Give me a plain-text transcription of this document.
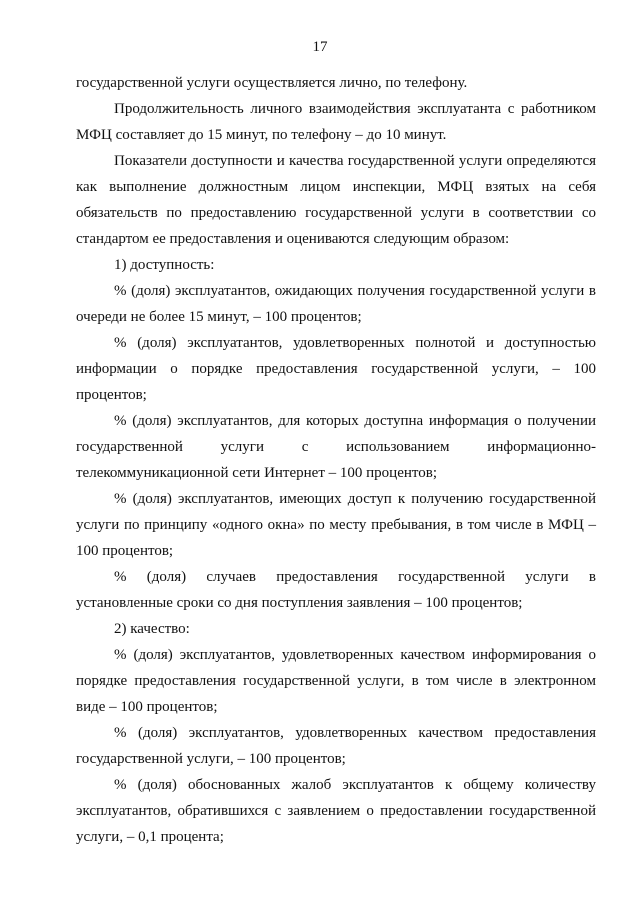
17

государственной услуги осуществляется лично, по телефону.

Продолжительность личного взаимодействия эксплуатанта с работником МФЦ составляет до 15 минут, по телефону – до 10 минут.

Показатели доступности и качества государственной услуги определяются как выполнение должностным лицом инспекции, МФЦ взятых на себя обязательств по предоставлению государственной услуги в соответствии со стандартом ее предоставления и оцениваются следующим образом:

1) доступность:

% (доля) эксплуатантов, ожидающих получения государственной услуги в очереди не более 15 минут, – 100 процентов;

% (доля) эксплуатантов, удовлетворенных полнотой и доступностью информации о порядке предоставления государственной услуги, – 100 процентов;

% (доля) эксплуатантов, для которых доступна информация о получении государственной услуги с использованием информационно-телекоммуникационной сети Интернет – 100 процентов;

% (доля) эксплуатантов, имеющих доступ к получению государственной услуги по принципу «одного окна» по месту пребывания, в том числе в МФЦ – 100 процентов;

% (доля) случаев предоставления государственной услуги в установленные сроки со дня поступления заявления – 100 процентов;

2) качество:

% (доля) эксплуатантов, удовлетворенных качеством информирования о порядке предоставления государственной услуги, в том числе в электронном виде – 100 процентов;

% (доля) эксплуатантов, удовлетворенных качеством предоставления государственной услуги, – 100 процентов;

% (доля) обоснованных жалоб эксплуатантов к общему количеству эксплуатантов, обратившихся с заявлением о предоставлении государственной услуги, – 0,1 процента;
